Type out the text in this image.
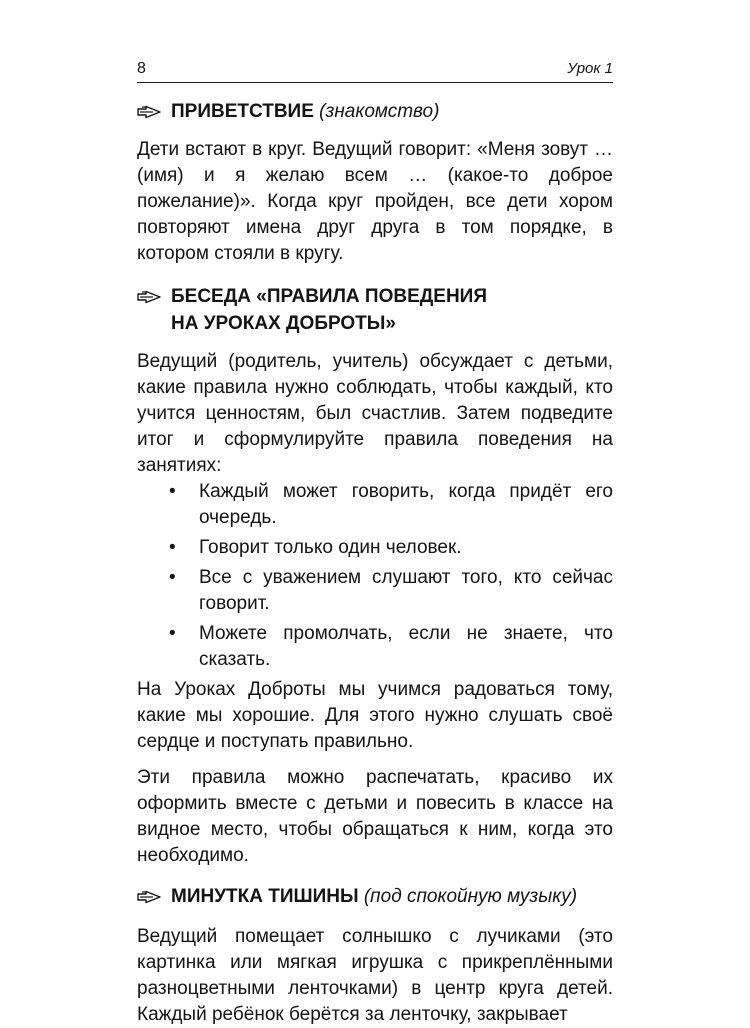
8	Урок 1
ПРИВЕТСТВИЕ (знакомство)

Дети встают в круг. Ведущий говорит: «Меня зовут … (имя) и я желаю всем … (какое-то доброе пожелание)». Когда круг пройден, все дети хором повторяют имена друг друга в том порядке, в котором стояли в кругу.

БЕСЕДА «ПРАВИЛА ПОВЕДЕНИЯ
НА УРОКАХ ДОБРОТЫ»

Ведущий (родитель, учитель) обсуждает с детьми, какие правила нужно соблюдать, чтобы каждый, кто учится ценностям, был счастлив. Затем подведите итог и сформулируйте правила поведения на занятиях:

• Каждый может говорить, когда придёт его очередь.
• Говорит только один человек.
• Все с уважением слушают того, кто сейчас говорит.
• Можете промолчать, если не знаете, что сказать.

На Уроках Доброты мы учимся радоваться тому, какие мы хорошие. Для этого нужно слушать своё сердце и поступать правильно.

Эти правила можно распечатать, красиво их оформить вместе с детьми и повесить в классе на видное место, чтобы обращаться к ним, когда это необходимо.

МИНУТКА ТИШИНЫ (под спокойную музыку)

Ведущий помещает солнышко с лучиками (это картинка или мягкая игрушка с прикреплёнными разноцветными ленточками) в центр круга детей. Каждый ребёнок берётся за ленточку, закрывает
